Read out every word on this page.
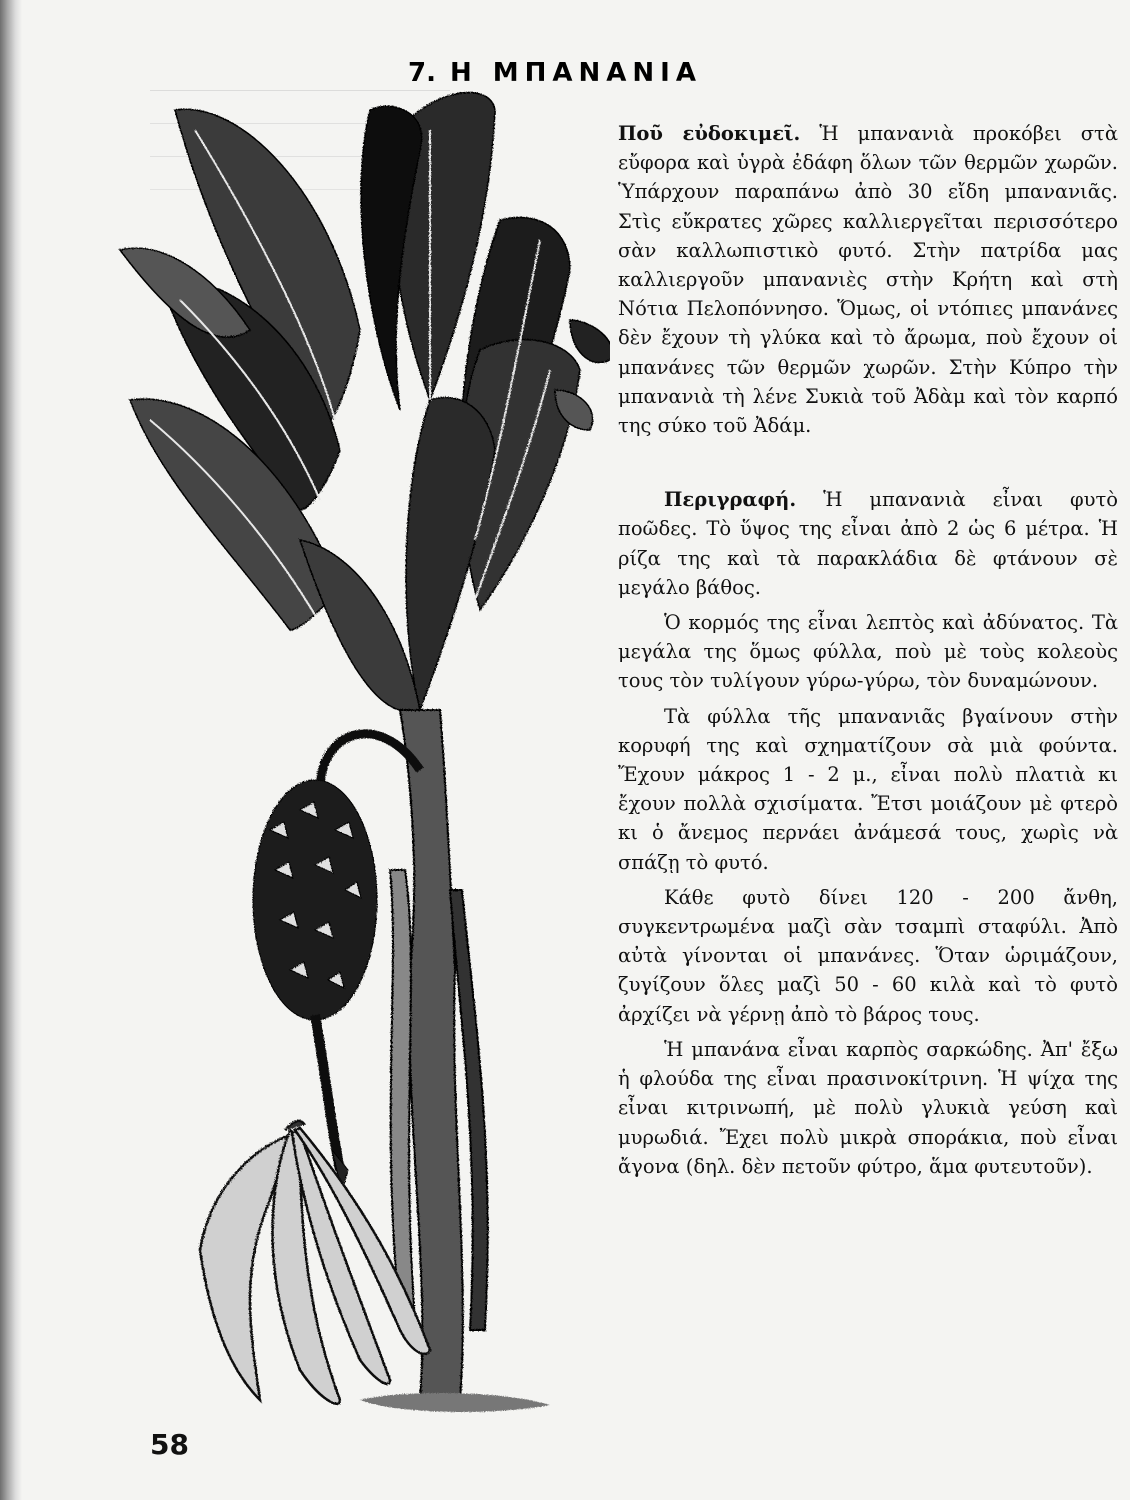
7. Η ΜΠΑΝΑΝΙΑ

Ποῦ εὐδοκιμεῖ. Ἡ μπανανιὰ προκόβει στὰ εὔφορα καὶ ὑγρὰ ἐδάφη ὅλων τῶν θερμῶν χωρῶν. Ὑπάρχουν παραπάνω ἀπὸ 30 εἴδη μπανανιᾶς. Στὶς εὔκρατες χῶρες καλλιεργεῖται περισσότερο σὰν καλλωπιστικὸ φυτό. Στὴν πατρίδα μας καλλιεργοῦν μπανανιὲς στὴν Κρήτη καὶ στὴ Νότια Πελοπόννησο. Ὅμως, οἱ ντόπιες μπανάνες δὲν ἔχουν τὴ γλύκα καὶ τὸ ἄρωμα, ποὺ ἔχουν οἱ μπανάνες τῶν θερμῶν χωρῶν. Στὴν Κύπρο τὴν μπανανιὰ τὴ λένε Συκιὰ τοῦ Ἀδὰμ καὶ τὸν καρπό της σύκο τοῦ Ἀδάμ.

Περιγραφή. Ἡ μπανανιὰ εἶναι φυτὸ ποῶδες. Τὸ ὕψος της εἶναι ἀπὸ 2 ὡς 6 μέτρα. Ἡ ρίζα της καὶ τὰ παρακλάδια δὲ φτάνουν σὲ μεγάλο βάθος.

Ὁ κορμός της εἶναι λεπτὸς καὶ ἀδύνατος. Τὰ μεγάλα της ὅμως φύλλα, ποὺ μὲ τοὺς κολεοὺς τους τὸν τυλίγουν γύρω-γύρω, τὸν δυναμώνουν.

Τὰ φύλλα τῆς μπανανιᾶς βγαίνουν στὴν κορυφή της καὶ σχηματίζουν σὰ μιὰ φούντα. Ἔχουν μάκρος 1 - 2 μ., εἶναι πολὺ πλατιὰ κι ἔχουν πολλὰ σχισίματα. Ἔτσι μοιάζουν μὲ φτερὸ κι ὁ ἄνεμος περνάει ἀνάμεσά τους, χωρὶς νὰ σπάζῃ τὸ φυτό.

Κάθε φυτὸ δίνει 120 - 200 ἄνθη, συγκεντρωμένα μαζὶ σὰν τσαμπὶ σταφύλι. Ἀπὸ αὐτὰ γίνονται οἱ μπανάνες. Ὅταν ὡριμάζουν, ζυγίζουν ὅλες μαζὶ 50 - 60 κιλὰ καὶ τὸ φυτὸ ἀρχίζει νὰ γέρνῃ ἀπὸ τὸ βάρος τους.

Ἡ μπανάνα εἶναι καρπὸς σαρκώδης. Ἀπ' ἔξω ἡ φλούδα της εἶναι πρασινοκίτρινη. Ἡ ψίχα της εἶναι κιτρινωπή, μὲ πολὺ γλυκιὰ γεύση καὶ μυρωδιά. Ἔχει πολὺ μικρὰ σποράκια, ποὺ εἶναι ἄγονα (δηλ. δὲν πετοῦν φύτρο, ἅμα φυτευτοῦν).

58
